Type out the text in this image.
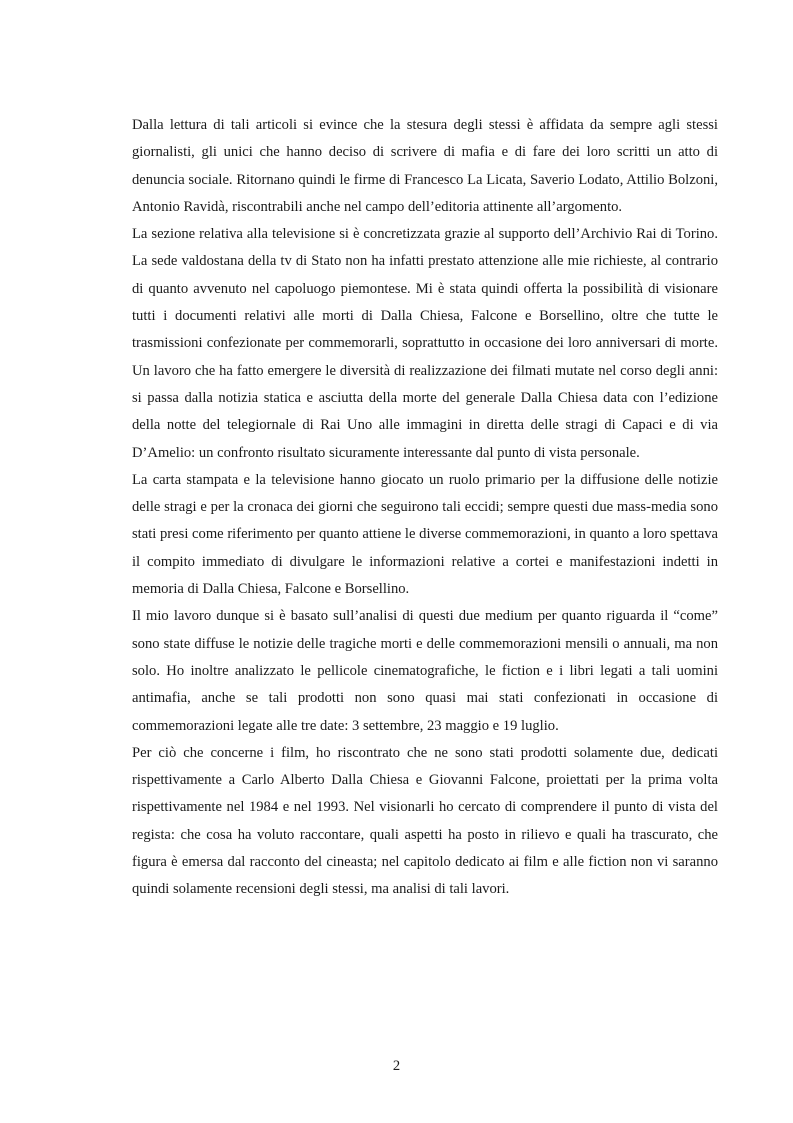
Dalla lettura di tali articoli si evince che la stesura degli stessi è affidata da sempre agli stessi giornalisti, gli unici che hanno deciso di scrivere di mafia e di fare dei loro scritti un atto di denuncia sociale. Ritornano quindi le firme di Francesco La Licata, Saverio Lodato, Attilio Bolzoni, Antonio Ravidà, riscontrabili anche nel campo dell’editoria attinente all’argomento.

La sezione relativa alla televisione si è concretizzata grazie al supporto dell’Archivio Rai di Torino. La sede valdostana della tv di Stato non ha infatti prestato attenzione alle mie richieste, al contrario di quanto avvenuto nel capoluogo piemontese. Mi è stata quindi offerta la possibilità di visionare tutti i documenti relativi alle morti di Dalla Chiesa, Falcone e Borsellino, oltre che tutte le trasmissioni confezionate per commemorarli, soprattutto in occasione dei loro anniversari di morte. Un lavoro che ha fatto emergere le diversità di realizzazione dei filmati mutate nel corso degli anni: si passa dalla notizia statica e asciutta della morte del generale Dalla Chiesa data con l’edizione della notte del telegiornale di Rai Uno alle immagini in diretta delle stragi di Capaci e di via D’Amelio: un confronto risultato sicuramente interessante dal punto di vista personale.

La carta stampata e la televisione hanno giocato un ruolo primario per la diffusione delle notizie delle stragi e per la cronaca dei giorni che seguirono tali eccidi; sempre questi due mass-media sono stati presi come riferimento per quanto attiene le diverse commemorazioni, in quanto a loro spettava il compito immediato di divulgare le informazioni relative a cortei e manifestazioni indetti in memoria di Dalla Chiesa, Falcone e Borsellino.

Il mio lavoro dunque si è basato sull’analisi di questi due medium per quanto riguarda il “come” sono state diffuse le notizie delle tragiche morti e delle commemorazioni mensili o annuali, ma non solo. Ho inoltre analizzato le pellicole cinematografiche, le fiction e i libri legati a tali uomini antimafia, anche se tali prodotti non sono quasi mai stati confezionati in occasione di commemorazioni legate alle tre date: 3 settembre, 23 maggio e 19 luglio.

Per ciò che concerne i film, ho riscontrato che ne sono stati prodotti solamente due, dedicati rispettivamente a Carlo Alberto Dalla Chiesa e Giovanni Falcone, proiettati per la prima volta rispettivamente nel 1984 e nel 1993. Nel visionarli ho cercato di comprendere il punto di vista del regista: che cosa ha voluto raccontare, quali aspetti ha posto in rilievo e quali ha trascurato, che figura è emersa dal racconto del cineasta; nel capitolo dedicato ai film e alle fiction non vi saranno quindi solamente recensioni degli stessi, ma analisi di tali lavori.

2
